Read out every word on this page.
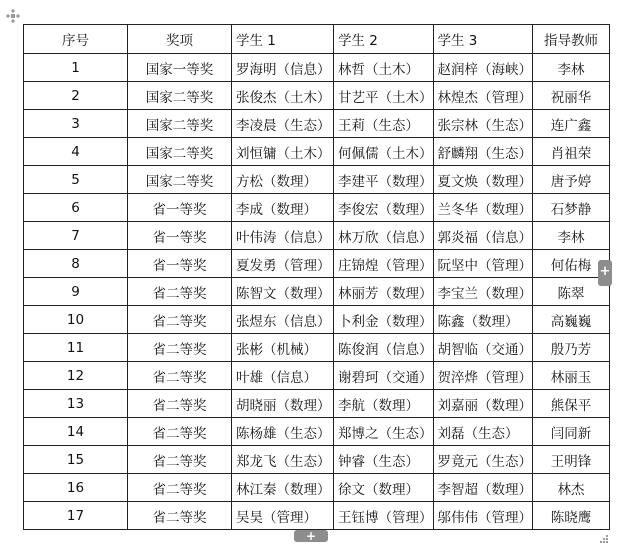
序号	奖项	学生 1	学生 2	学生 3	指导教师
1	国家一等奖	罗海明（信息）	林哲（土木）	赵润梓（海峡）	李林
2	国家二等奖	张俊杰（土木）	甘艺平（土木）	林煌杰（管理）	祝丽华
3	国家二等奖	李凌晨（生态）	王莉（生态）	张宗林（生态）	连广鑫
4	国家二等奖	刘恒镛（土木）	何佩儒（土木）	舒麟翔（生态）	肖祖荣
5	国家二等奖	方松（数理）	李建平（数理）	夏文焕（数理）	唐予婷
6	省一等奖	李成（数理）	李俊宏（数理）	兰冬华（数理）	石梦静
7	省一等奖	叶伟涛（信息）	林万欣（信息）	郭炎福（信息）	李林
8	省一等奖	夏发勇（管理）	庄锦煌（管理）	阮坚中（管理）	何佑梅
9	省二等奖	陈智文（数理）	林丽芳（数理）	李宝兰（数理）	陈翠
10	省二等奖	张煜东（信息）	卜利金（数理）	陈鑫（数理）	高巍巍
11	省二等奖	张彬（机械）	陈俊润（信息）	胡智临（交通）	殷乃芳
12	省二等奖	叶雄（信息）	谢碧珂（交通）	贺淬烨（管理）	林丽玉
13	省二等奖	胡晓丽（数理）	李航（数理）	刘嘉丽（数理）	熊保平
14	省二等奖	陈杨雄（生态）	郑博之（生态）	刘磊（生态）	闫同新
15	省二等奖	郑龙飞（生态）	钟睿（生态）	罗竟元（生态）	王明锋
16	省二等奖	林江秦（数理）	徐文（数理）	李智超（数理）	林杰
17	省二等奖	吴昊（管理）	王钰博（管理）	邬伟伟（管理）	陈晓鹰
+
+
